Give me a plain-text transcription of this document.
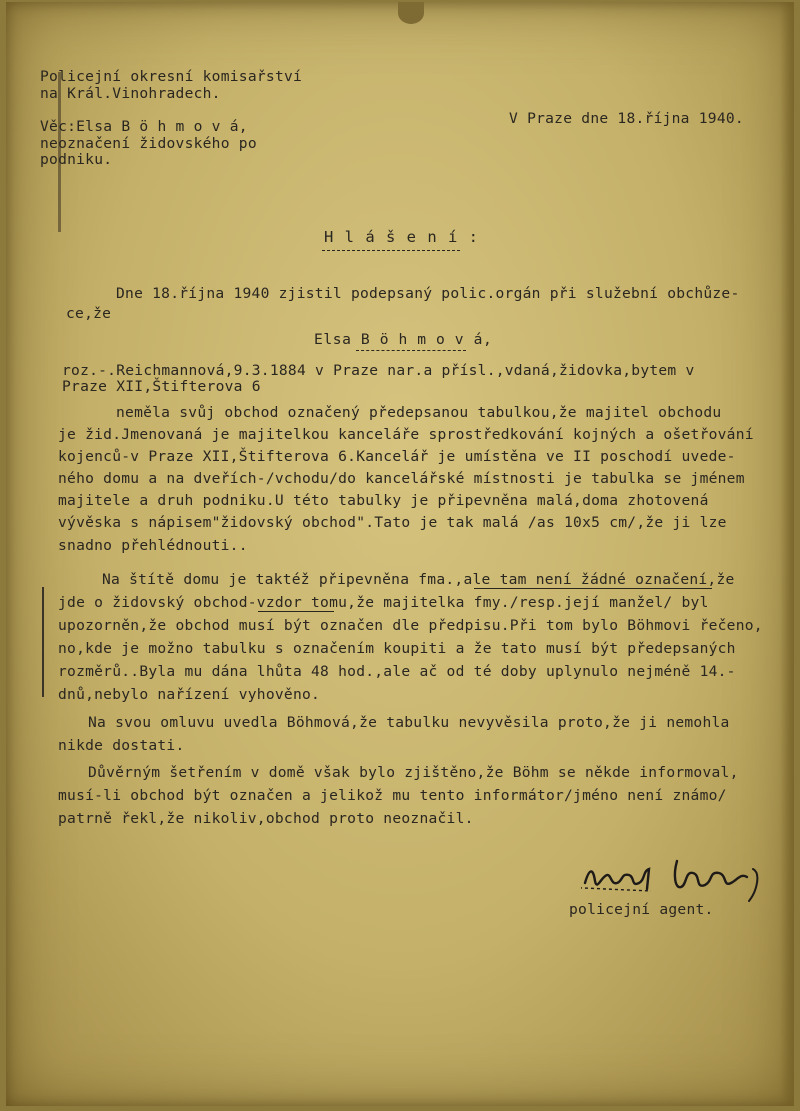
Policejní okresní komisařství
na Král.Vinohradech.
V Praze dne 18.října 1940.
Věc:Elsa B ö h m o v á,
neoznačení židovského po
podniku.
H l á š e n í :
Dne 18.října 1940 zjistil podepsaný polic.orgán při služební obchůze-
ce,že
Elsa B ö h m o v á,
roz.-.Reichmannová,9.3.1884 v Praze nar.a přísl.,vdaná,židovka,bytem v
Praze XII,Štifterova 6
neměla svůj obchod označený předepsanou tabulkou,že majitel obchodu
je žid.Jmenovaná je majitelkou kanceláře sprostředkování kojných a ošetřování
kojenců-v Praze XII,Štifterova 6.Kancelář je umístěna ve II poschodí uvede-
ného domu a na dveřích-/vchodu/do kancelářské místnosti je tabulka se jménem
majitele a druh podniku.U této tabulky je připevněna malá,doma zhotovená
vývěska s nápisem"židovský obchod".Tato je tak malá /as 10x5 cm/,že ji lze
snadno přehlédnouti..
Na štítě domu je taktéž připevněna fma.,ale tam není žádné označení,že
jde o židovský obchod-vzdor tomu,že majitelka fmy./resp.její manžel/ byl
upozorněn,že obchod musí být označen dle předpisu.Při tom bylo Böhmovi řečeno,
no,kde je možno tabulku s označením koupiti a že tato musí být předepsaných
rozměrů..Byla mu dána lhůta 48 hod.,ale ač od té doby uplynulo nejméně 14.-
dnů,nebylo nařízení vyhověno.
Na svou omluvu uvedla Böhmová,že tabulku nevyvěsila proto,že ji nemohla
nikde dostati.
Důvěrným šetřením v domě však bylo zjištěno,že Böhm se někde informoval,
musí-li obchod být označen a jelikož mu tento informátor/jméno není známo/
patrně řekl,že nikoliv,obchod proto neoznačil.
policejní agent.
